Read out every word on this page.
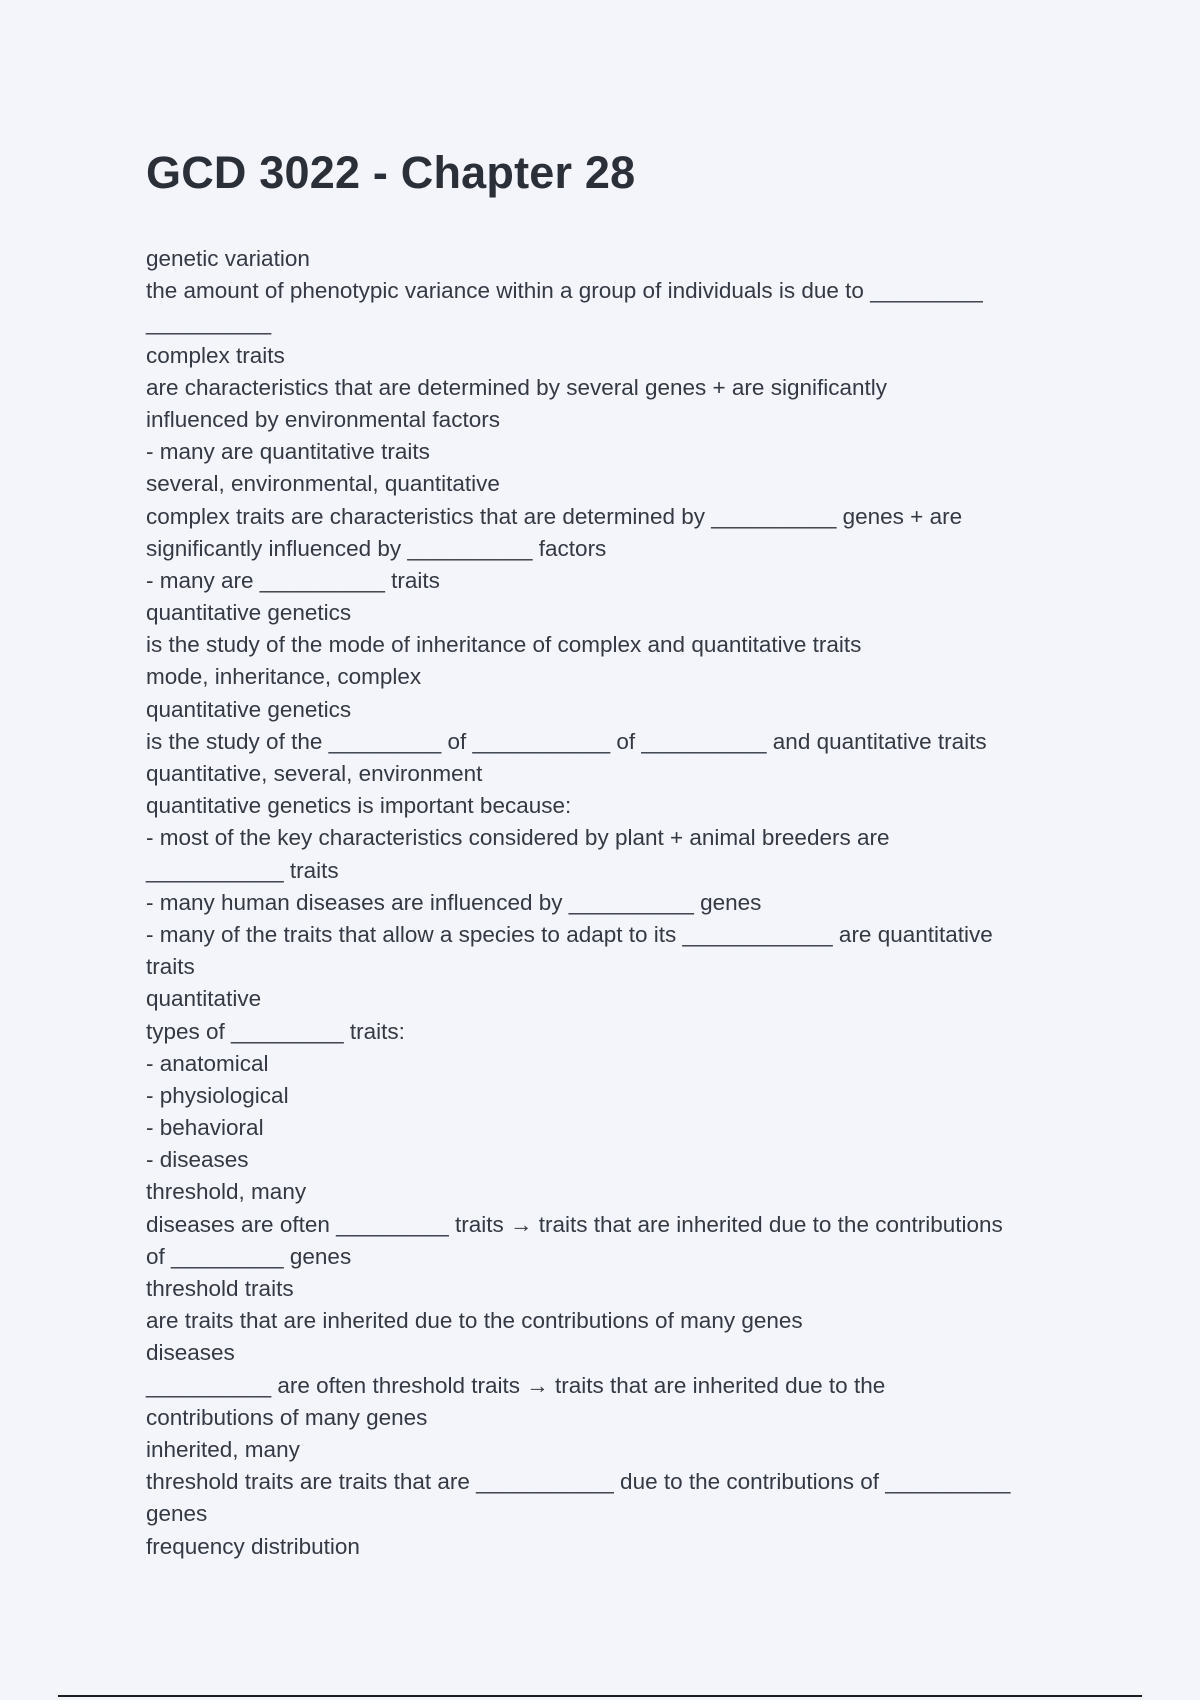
GCD 3022 - Chapter 28
genetic variation
the amount of phenotypic variance within a group of individuals is due to _________
__________
complex traits
are characteristics that are determined by several genes + are significantly
influenced by environmental factors
- many are quantitative traits
several, environmental, quantitative
complex traits are characteristics that are determined by __________ genes + are
significantly influenced by __________ factors
- many are __________ traits
quantitative genetics
is the study of the mode of inheritance of complex and quantitative traits
mode, inheritance, complex
quantitative genetics
is the study of the _________ of ___________ of __________ and quantitative traits
quantitative, several, environment
quantitative genetics is important because:
- most of the key characteristics considered by plant + animal breeders are
___________ traits
- many human diseases are influenced by __________ genes
- many of the traits that allow a species to adapt to its ____________ are quantitative
traits
quantitative
types of _________ traits:
- anatomical
- physiological
- behavioral
- diseases
threshold, many
diseases are often _________ traits → traits that are inherited due to the contributions
of _________ genes
threshold traits
are traits that are inherited due to the contributions of many genes
diseases
__________ are often threshold traits → traits that are inherited due to the
contributions of many genes
inherited, many
threshold traits are traits that are ___________ due to the contributions of __________
genes
frequency distribution
